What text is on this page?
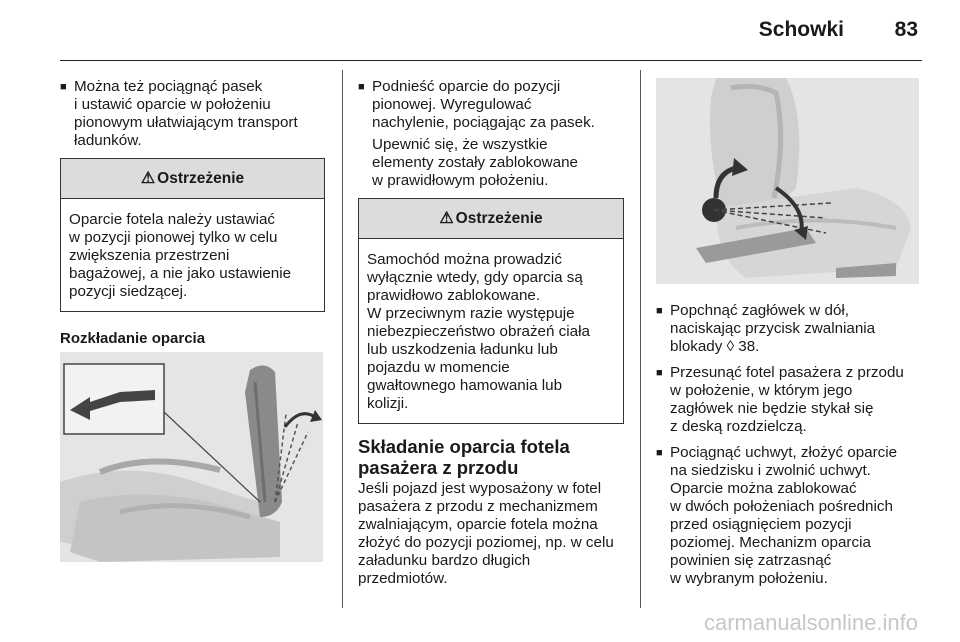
Schowki 83
■ Można też pociągnąć pasek
i ustawić oparcie w położeniu
pionowym ułatwiającym transport
ładunków.
⚠ Ostrzeżenie
Oparcie fotela należy ustawiać
w pozycji pionowej tylko w celu
zwiększenia przestrzeni
bagażowej, a nie jako ustawienie
pozycji siedzącej.
Rozkładanie oparcia

■ Podnieść oparcie do pozycji
pionowej. Wyregulować
nachylenie, pociągając za pasek.

Upewnić się, że wszystkie
elementy zostały zablokowane
w prawidłowym położeniu.

⚠ Ostrzeżenie
Samochód można prowadzić
wyłącznie wtedy, gdy oparcia są
prawidłowo zablokowane.
W przeciwnym razie występuje
niebezpieczeństwo obrażeń ciała
lub uszkodzenia ładunku lub
pojazdu w momencie
gwałtownego hamowania lub
kolizji.
Składanie oparcia fotela
pasażera z przodu
Jeśli pojazd jest wyposażony w fotel
pasażera z przodu z mechanizmem
zwalniającym, oparcie fotela można
złożyć do pozycji poziomej, np. w celu
załadunku bardzo długich
przedmiotów.
■ Popchnąć zagłówek w dół,
naciskając przycisk zwalniania
blokady ◊ 38.
■ Przesunąć fotel pasażera z przodu
w położenie, w którym jego
zagłówek nie będzie stykał się
z deską rozdzielczą.
■ Pociągnąć uchwyt, złożyć oparcie
na siedzisku i zwolnić uchwyt.
Oparcie można zablokować
w dwóch położeniach pośrednich
przed osiągnięciem pozycji
poziomej. Mechanizm oparcia
powinien się zatrzasnąć
w wybranym położeniu.
carmanualsonline.info
